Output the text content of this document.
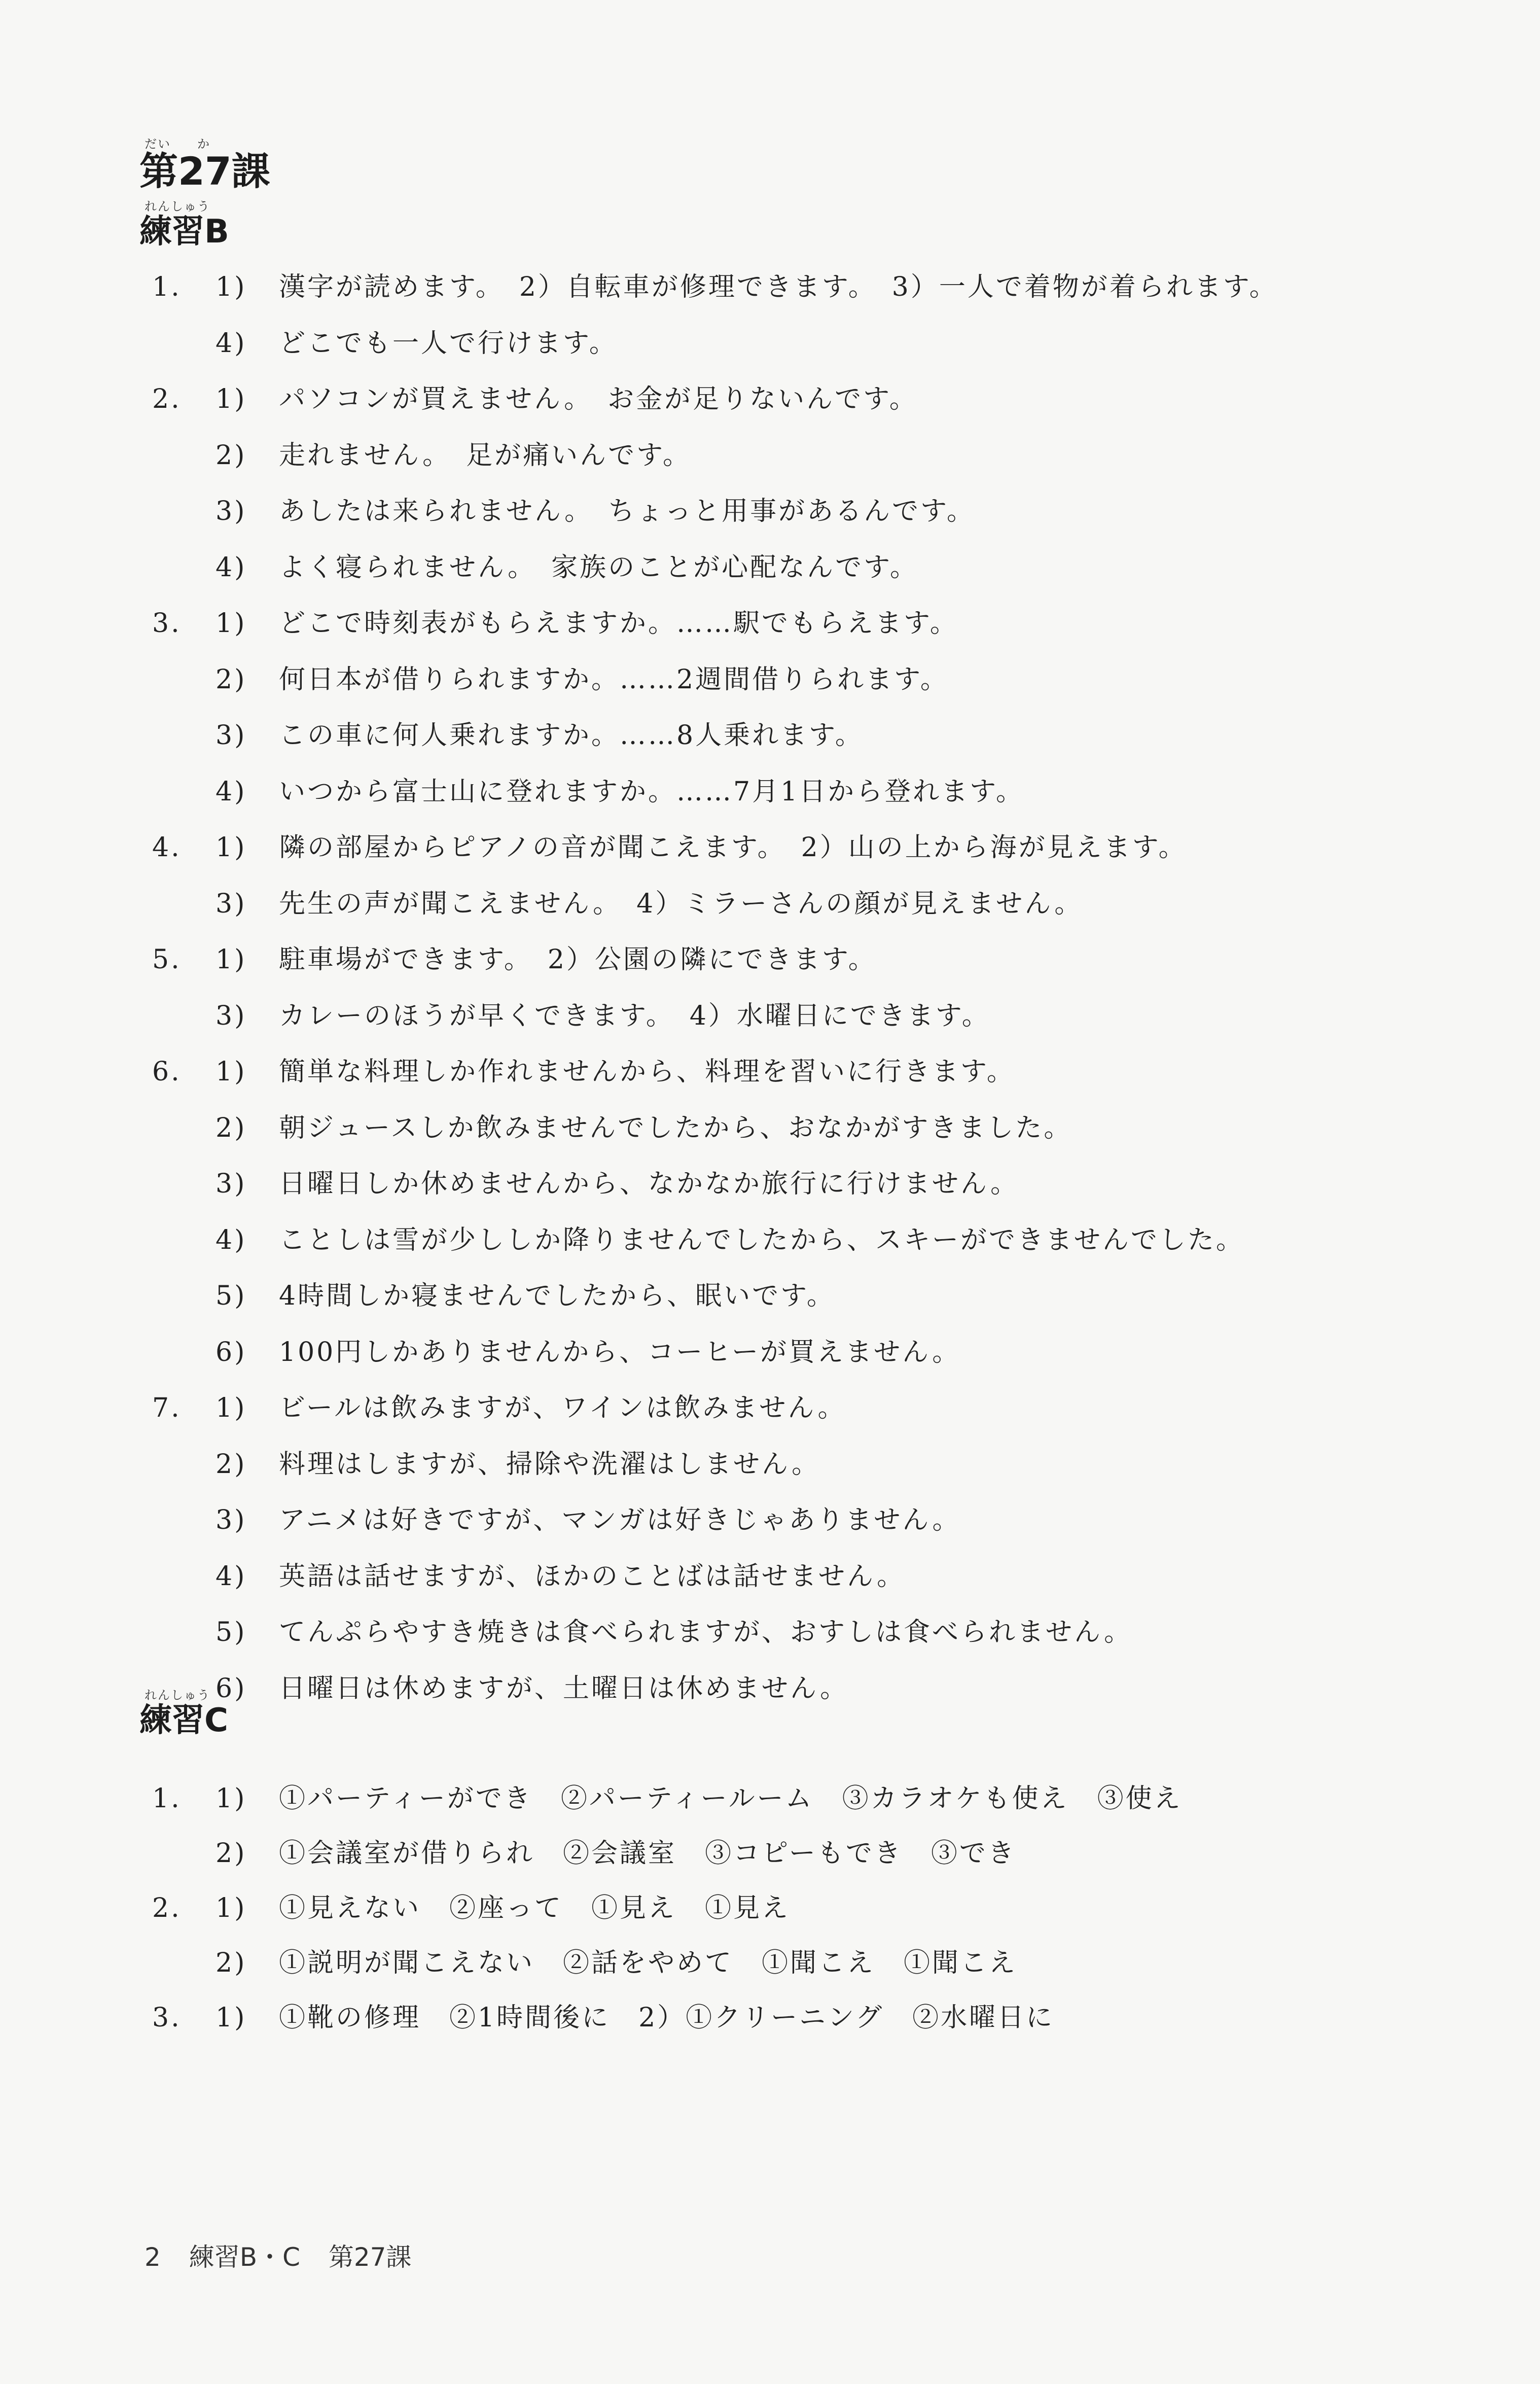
だい　　か
第27課
れんしゅう
練習B
1. 1) 漢字が読めます。　2）自転車が修理できます。　3）一人で着物が着られます。
4) どこでも一人で行けます。
2. 1) パソコンが買えません。　お金が足りないんです。
2) 走れません。　足が痛いんです。
3) あしたは来られません。　ちょっと用事があるんです。
4) よく寝られません。　家族のことが心配なんです。
3. 1) どこで時刻表がもらえますか。……駅でもらえます。
2) 何日本が借りられますか。……2週間借りられます。
3) この車に何人乗れますか。……8人乗れます。
4) いつから富士山に登れますか。……7月1日から登れます。
4. 1) 隣の部屋からピアノの音が聞こえます。　2）山の上から海が見えます。
3) 先生の声が聞こえません。　4）ミラーさんの顔が見えません。
5. 1) 駐車場ができます。　2）公園の隣にできます。
3) カレーのほうが早くできます。　4）水曜日にできます。
6. 1) 簡単な料理しか作れませんから、料理を習いに行きます。
2) 朝ジュースしか飲みませんでしたから、おなかがすきました。
3) 日曜日しか休めませんから、なかなか旅行に行けません。
4) ことしは雪が少ししか降りませんでしたから、スキーができませんでした。
5) 4時間しか寝ませんでしたから、眠いです。
6) 100円しかありませんから、コーヒーが買えません。
7. 1) ビールは飲みますが、ワインは飲みません。
2) 料理はしますが、掃除や洗濯はしません。
3) アニメは好きですが、マンガは好きじゃありません。
4) 英語は話せますが、ほかのことばは話せません。
5) てんぷらやすき焼きは食べられますが、おすしは食べられません。
6) 日曜日は休めますが、土曜日は休めません。
れんしゅう
練習C
1. 1) ①パーティーができ　②パーティールーム　③カラオケも使え　③使え
2) ①会議室が借りられ　②会議室　③コピーもでき　③でき
2. 1) ①見えない　②座って　①見え　①見え
2) ①説明が聞こえない　②話をやめて　①聞こえ　①聞こえ
3. 1) ①靴の修理　②1時間後に　2）①クリーニング　②水曜日に
2 練習B・C 第27課
